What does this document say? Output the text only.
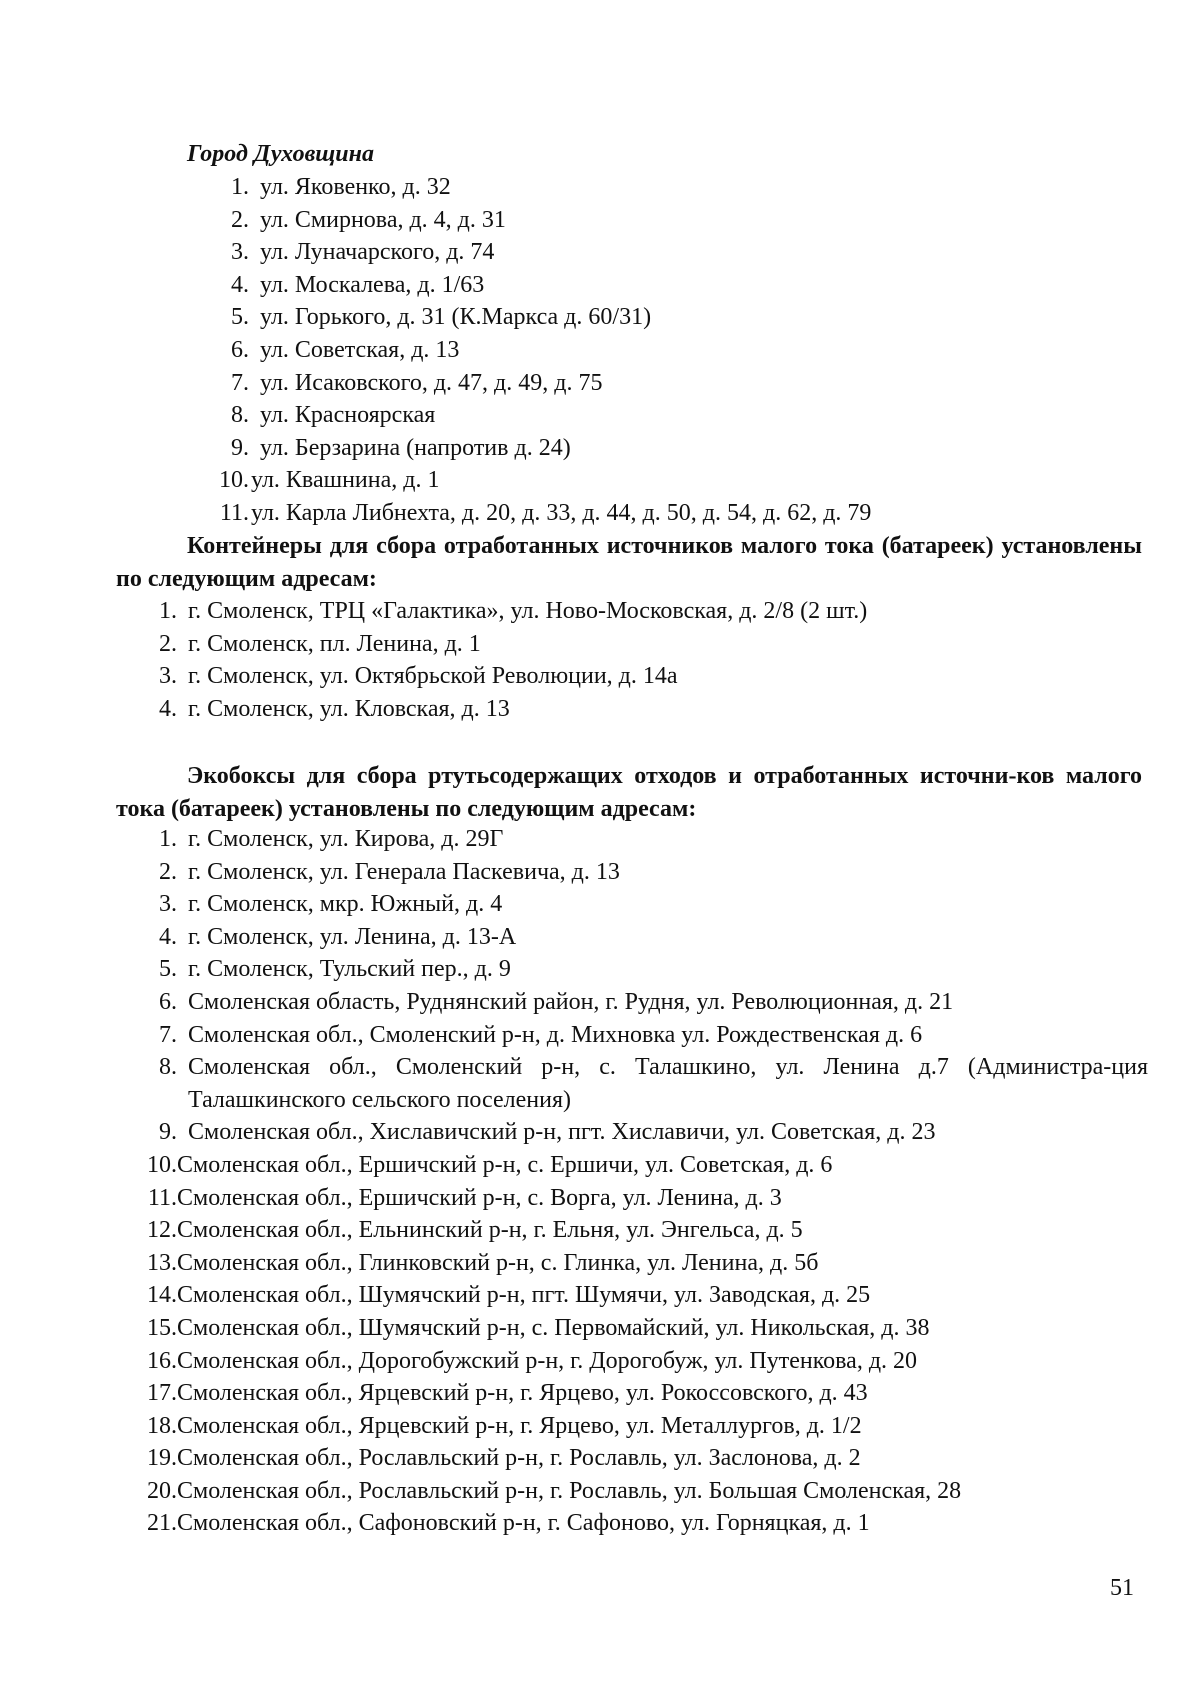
Город Духовщина
1. ул. Яковенко, д. 32
2. ул. Смирнова, д. 4, д. 31
3. ул. Луначарского, д. 74
4. ул. Москалева, д. 1/63
5. ул. Горького, д. 31 (К.Маркса д. 60/31)
6. ул. Советская, д. 13
7. ул. Исаковского, д. 47, д. 49, д. 75
8. ул. Красноярская
9. ул. Берзарина (напротив д. 24)
10.ул. Квашнина, д. 1
11.ул. Карла Либнехта, д. 20, д. 33, д. 44, д. 50, д. 54, д. 62, д. 79
Контейнеры для сбора отработанных источников малого тока (батареек) установлены по следующим адресам:
1. г. Смоленск, ТРЦ «Галактика», ул. Ново-Московская, д. 2/8 (2 шт.)
2. г. Смоленск, пл. Ленина, д. 1
3. г. Смоленск, ул. Октябрьской Революции, д. 14а
4. г. Смоленск, ул. Кловская, д. 13
Экобоксы для сбора ртутьсодержащих отходов и отработанных источни-ков малого тока (батареек) установлены по следующим адресам:
1. г. Смоленск, ул. Кирова, д. 29Г
2. г. Смоленск, ул. Генерала Паскевича, д. 13
3. г. Смоленск, мкр. Южный, д. 4
4. г. Смоленск, ул. Ленина, д. 13-А
5. г. Смоленск, Тульский пер., д. 9
6. Смоленская область, Руднянский район, г. Рудня, ул. Революционная, д. 21
7. Смоленская обл., Смоленский р-н, д. Михновка ул. Рождественская д. 6
8. Смоленская обл., Смоленский р-н, с. Талашкино, ул. Ленина д.7 (Администра-ция Талашкинского сельского поселения)
9. Смоленская обл., Хиславичский р-н, пгт. Хиславичи, ул. Советская, д. 23
10.Смоленская обл., Ершичский р-н, с. Ершичи, ул. Советская, д. 6
11.Смоленская обл., Ершичский р-н, с. Ворга, ул. Ленина, д. 3
12.Смоленская обл., Ельнинский р-н, г. Ельня, ул. Энгельса, д. 5
13.Смоленская обл., Глинковский р-н, с. Глинка, ул. Ленина, д. 5б
14.Смоленская обл., Шумячский р-н, пгт. Шумячи, ул. Заводская, д. 25
15.Смоленская обл., Шумячский р-н, с. Первомайский, ул. Никольская, д. 38
16.Смоленская обл., Дорогобужский р-н, г. Дорогобуж, ул. Путенкова, д. 20
17.Смоленская обл., Ярцевский р-н, г. Ярцево, ул. Рокоссовского, д. 43
18.Смоленская обл., Ярцевский р-н, г. Ярцево, ул. Металлургов, д. 1/2
19.Смоленская обл., Рославльский р-н, г. Рославль, ул. Заслонова, д. 2
20.Смоленская обл., Рославльский р-н, г. Рославль, ул. Большая Смоленская, 28
21.Смоленская обл., Сафоновский р-н, г. Сафоново, ул. Горняцкая, д. 1
51
